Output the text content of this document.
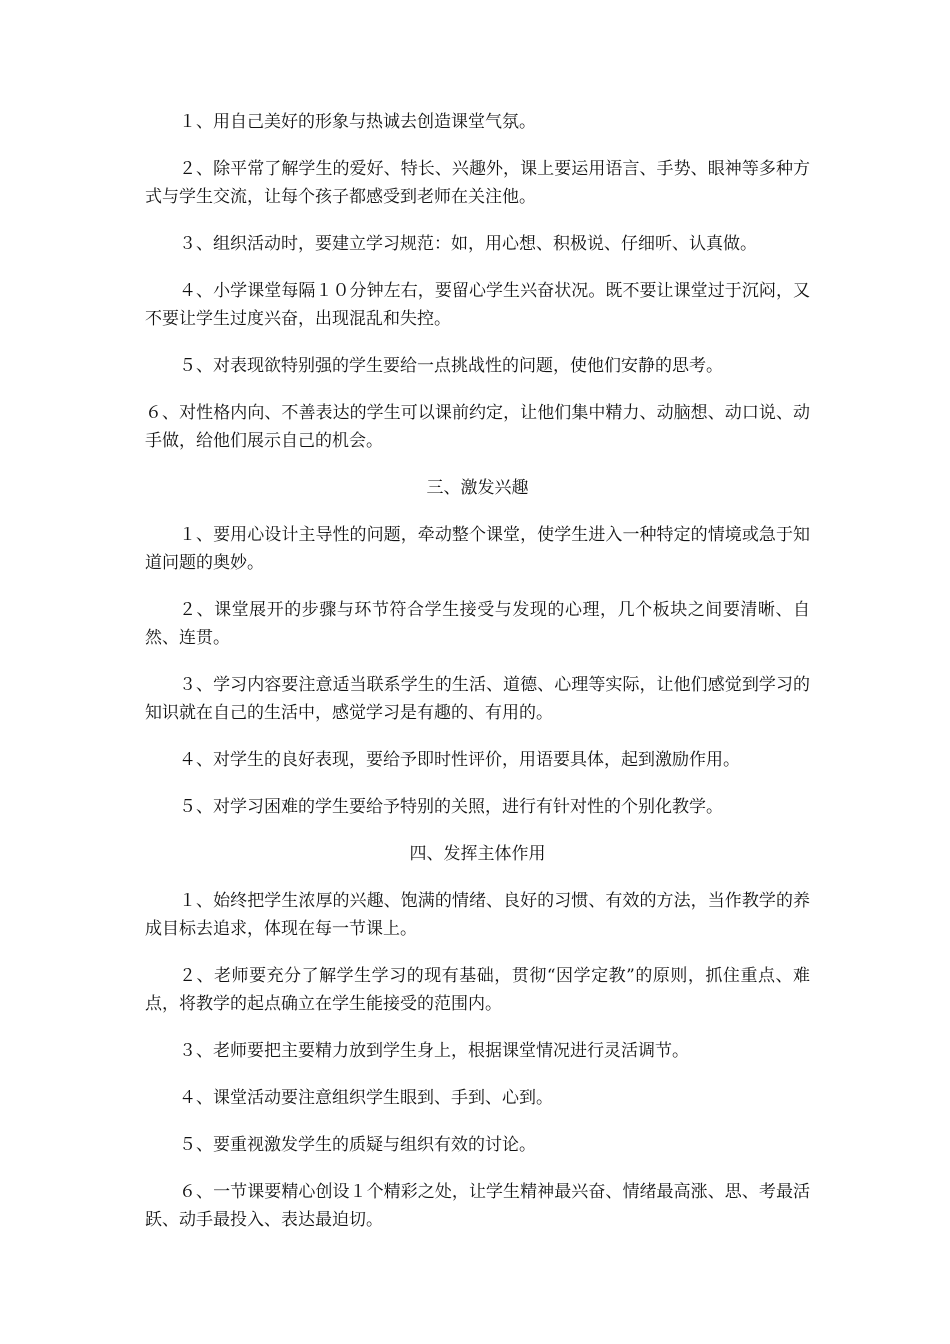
１、用自己美好的形象与热诚去创造课堂气氛。

２、除平常了解学生的爱好、特长、兴趣外，课上要运用语言、手势、眼神等多种方式与学生交流，让每个孩子都感受到老师在关注他。

３、组织活动时，要建立学习规范：如，用心想、积极说、仔细听、认真做。

４、小学课堂每隔１０分钟左右，要留心学生兴奋状况。既不要让课堂过于沉闷，又不要让学生过度兴奋，出现混乱和失控。

５、对表现欲特别强的学生要给一点挑战性的问题，使他们安静的思考。

６、对性格内向、不善表达的学生可以课前约定，让他们集中精力、动脑想、动口说、动手做，给他们展示自己的机会。

三、激发兴趣

１、要用心设计主导性的问题，牵动整个课堂，使学生进入一种特定的情境或急于知道问题的奥妙。

２、课堂展开的步骤与环节符合学生接受与发现的心理，几个板块之间要清晰、自然、连贯。

３、学习内容要注意适当联系学生的生活、道德、心理等实际，让他们感觉到学习的知识就在自己的生活中，感觉学习是有趣的、有用的。

４、对学生的良好表现，要给予即时性评价，用语要具体，起到激励作用。

５、对学习困难的学生要给予特别的关照，进行有针对性的个别化教学。

四、发挥主体作用

１、始终把学生浓厚的兴趣、饱满的情绪、良好的习惯、有效的方法，当作教学的养成目标去追求，体现在每一节课上。

２、老师要充分了解学生学习的现有基础，贯彻“因学定教”的原则，抓住重点、难点，将教学的起点确立在学生能接受的范围内。

３、老师要把主要精力放到学生身上，根据课堂情况进行灵活调节。

４、课堂活动要注意组织学生眼到、手到、心到。

５、要重视激发学生的质疑与组织有效的讨论。

６、一节课要精心创设１个精彩之处，让学生精神最兴奋、情绪最高涨、思、考最活跃、动手最投入、表达最迫切。
